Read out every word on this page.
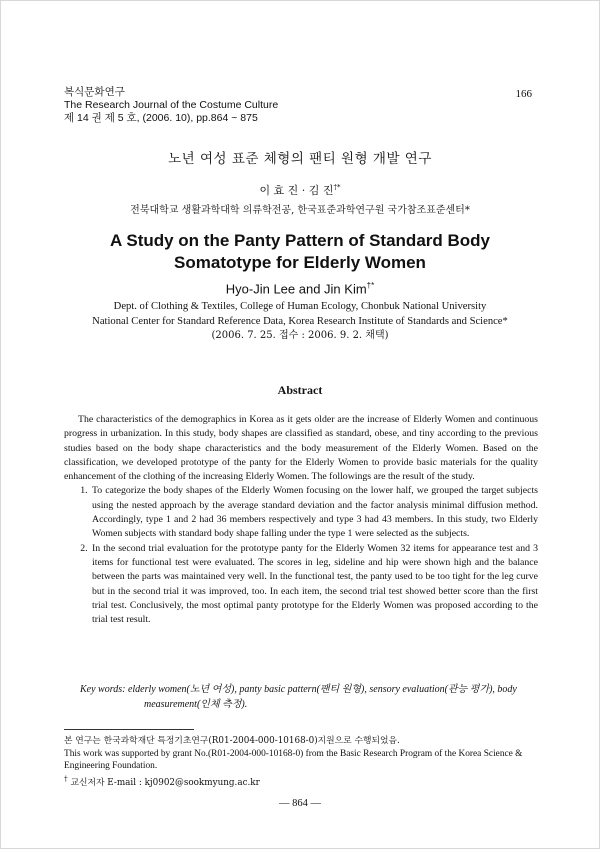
복식문화연구
The Research Journal of the Costume Culture
제 14 권 제 5 호, (2006. 10), pp.864 ~ 875
166
노년 여성 표준 체형의 팬티 원형 개발 연구
이 효 진 · 김 진†*
전북대학교 생활과학대학 의류학전공, 한국표준과학연구원 국가참조표준센터*
A Study on the Panty Pattern of Standard Body Somatotype for Elderly Women
Hyo-Jin Lee and Jin Kim†*
Dept. of Clothing & Textiles, College of Human Ecology, Chonbuk National University
National Center for Standard Reference Data, Korea Research Institute of Standards and Science*
(2006. 7. 25. 접수 : 2006. 9. 2. 채택)
Abstract

The characteristics of the demographics in Korea as it gets older are the increase of Elderly Women and continuous progress in urbanization. In this study, body shapes are classified as standard, obese, and tiny according to the previous studies based on the body shape characteristics and the body measurement of the Elderly Women. Based on the classification, we developed prototype of the panty for the Elderly Women to provide basic materials for the quality enhancement of the clothing of the increasing Elderly Women. The followings are the result of the study.

1. To categorize the body shapes of the Elderly Women focusing on the lower half, we grouped the target subjects using the nested approach by the average standard deviation and the factor analysis minimal diffusion method. Accordingly, type 1 and 2 had 36 members respectively and type 3 had 43 members. In this study, two Elderly Women subjects with standard body shape falling under the type 1 were selected as the subjects.
2. In the second trial evaluation for the prototype panty for the Elderly Women 32 items for appearance test and 3 items for functional test were evaluated. The scores in leg, sideline and hip were shown high and the balance between the parts was maintained very well. In the functional test, the panty used to be too tight for the leg curve but in the second trial it was improved, too. In each item, the second trial test showed better score than the first trial test. Conclusively, the most optimal panty prototype for the Elderly Women was proposed according to the trial test result.
Key words: elderly women(노년 여성), panty basic pattern(팬티 원형), sensory evaluation(관능 평가), body
measurement(인체 측정).
본 연구는 한국과학재단 특정기초연구(R01-2004-000-10168-0)지원으로 수행되었음.
This work was supported by grant No.(R01-2004-000-10168-0) from the Basic Research Program of the Korea Science & Engineering Foundation.
† 교신저자 E-mail : kj0902@sookmyung.ac.kr
— 864 —
